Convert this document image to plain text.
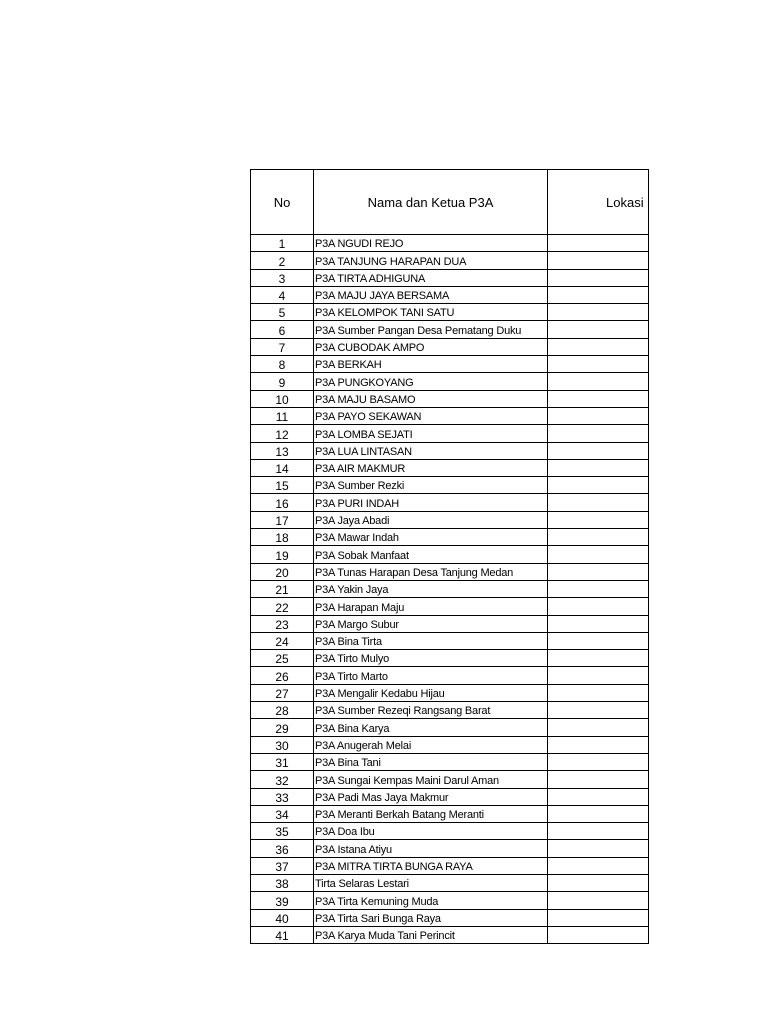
No	Nama dan Ketua P3A	Lokasi
1	P3A NGUDI REJO	
2	P3A TANJUNG HARAPAN DUA	
3	P3A TIRTA ADHIGUNA	
4	P3A MAJU JAYA BERSAMA	
5	P3A KELOMPOK TANI SATU	
6	P3A Sumber Pangan Desa Pematang Duku	
7	P3A CUBODAK AMPO	
8	P3A BERKAH	
9	P3A PUNGKOYANG	
10	P3A MAJU BASAMO	
11	P3A PAYO SEKAWAN	
12	P3A LOMBA SEJATI	
13	P3A LUA LINTASAN	
14	P3A AIR MAKMUR	
15	P3A Sumber Rezki	
16	P3A PURI INDAH	
17	P3A Jaya Abadi	
18	P3A Mawar Indah	
19	P3A Sobak Manfaat	
20	P3A Tunas Harapan Desa Tanjung Medan	
21	P3A Yakin Jaya	
22	P3A Harapan Maju	
23	P3A Margo Subur	
24	P3A Bina Tirta	
25	P3A Tirto Mulyo	
26	P3A Tirto Marto	
27	P3A Mengalir Kedabu Hijau	
28	P3A Sumber Rezeqi Rangsang Barat	
29	P3A Bina Karya	
30	P3A Anugerah Melai	
31	P3A Bina Tani	
32	P3A Sungai Kempas Maini Darul Aman	
33	P3A Padi Mas Jaya Makmur	
34	P3A Meranti Berkah Batang Meranti	
35	P3A Doa Ibu	
36	P3A Istana Atiyu	
37	P3A MITRA TIRTA BUNGA RAYA	
38	Tirta Selaras Lestari	
39	P3A Tirta Kemuning Muda	
40	P3A Tirta Sari Bunga Raya	
41	P3A Karya Muda Tani Perincit	
